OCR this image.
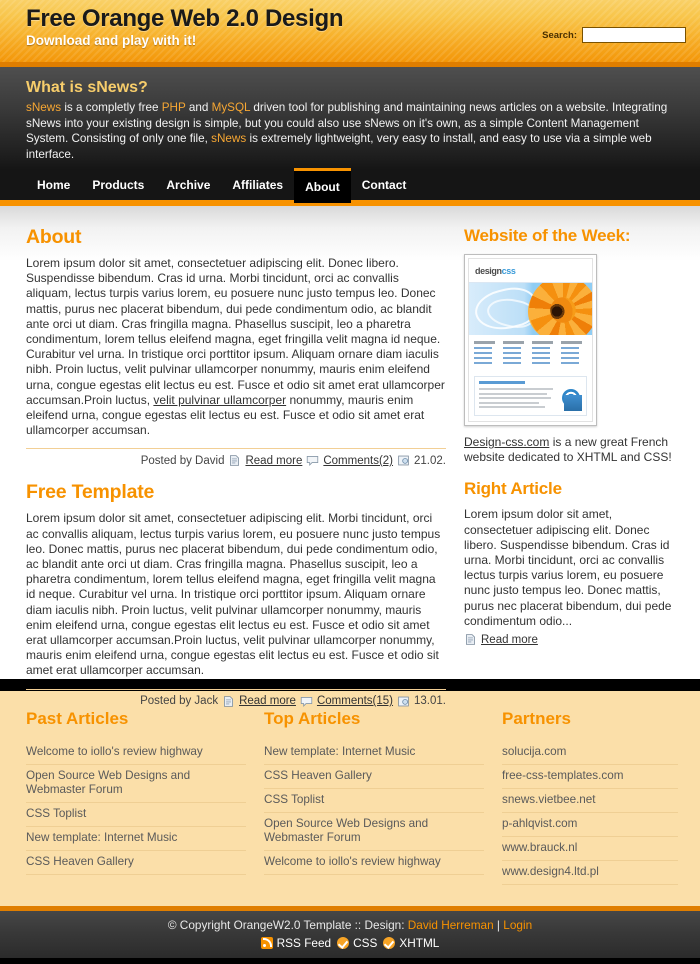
Free Orange Web 2.0 Design
Download and play with it!	Search:
What is sNews?

sNews is a completly free PHP and MySQL driven tool for publishing and maintaining news articles on a website. Integrating sNews into your existing design is simple, but you could also use sNews on it's own, as a simple Content Management System. Consisting of only one file, sNews is extremely lightweight, very easy to install, and easy to use via a simple web interface.

Home	Products	Archive	Affiliates	About	Contact
About

Lorem ipsum dolor sit amet, consectetuer adipiscing elit. Donec libero. Suspendisse bibendum. Cras id urna. Morbi tincidunt, orci ac convallis aliquam, lectus turpis varius lorem, eu posuere nunc justo tempus leo. Donec mattis, purus nec placerat bibendum, dui pede condimentum odio, ac blandit ante orci ut diam. Cras fringilla magna. Phasellus suscipit, leo a pharetra condimentum, lorem tellus eleifend magna, eget fringilla velit magna id neque. Curabitur vel urna. In tristique orci porttitor ipsum. Aliquam ornare diam iaculis nibh. Proin luctus, velit pulvinar ullamcorper nonummy, mauris enim eleifend urna, congue egestas elit lectus eu est. Fusce et odio sit amet erat ullamcorper accumsan.Proin luctus, velit pulvinar ullamcorper nonummy, mauris enim eleifend urna, congue egestas elit lectus eu est. Fusce et odio sit amet erat ullamcorper accumsan.

Posted by David Read more Comments(2) 21.02.
Free Template

Lorem ipsum dolor sit amet, consectetuer adipiscing elit. Morbi tincidunt, orci ac convallis aliquam, lectus turpis varius lorem, eu posuere nunc justo tempus leo. Donec mattis, purus nec placerat bibendum, dui pede condimentum odio, ac blandit ante orci ut diam. Cras fringilla magna. Phasellus suscipit, leo a pharetra condimentum, lorem tellus eleifend magna, eget fringilla velit magna id neque. Curabitur vel urna. In tristique orci porttitor ipsum. Aliquam ornare diam iaculis nibh. Proin luctus, velit pulvinar ullamcorper nonummy, mauris enim eleifend urna, congue egestas elit lectus eu est. Fusce et odio sit amet erat ullamcorper accumsan.Proin luctus, velit pulvinar ullamcorper nonummy, mauris enim eleifend urna, congue egestas elit lectus eu est. Fusce et odio sit amet erat ullamcorper accumsan.

Posted by Jack Read more Comments(15) 13.01.
Website of the Week:
designcss

Design-css.com is a new great French website dedicated to XHTML and CSS!

Right Article

Lorem ipsum dolor sit amet, consectetuer adipiscing elit. Donec libero. Suspendisse bibendum. Cras id urna. Morbi tincidunt, orci ac convallis lectus turpis varius lorem, eu posuere nunc justo tempus leo. Donec mattis, purus nec placerat bibendum, dui pede condimentum odio...

Read more
Past Articles
Welcome to iollo's review highway
Open Source Web Designs and Webmaster Forum
CSS Toplist
New template: Internet Music
CSS Heaven Gallery
Top Articles
New template: Internet Music
CSS Heaven Gallery
CSS Toplist
Open Source Web Designs and Webmaster Forum
Welcome to iollo's review highway
Partners
solucija.com
free-css-templates.com
snews.vietbee.net
p-ahlqvist.com
www.brauck.nl
www.design4.ltd.pl
© Copyright OrangeW2.0 Template :: Design: David Herreman | Login
RSS Feed CSS XHTML
